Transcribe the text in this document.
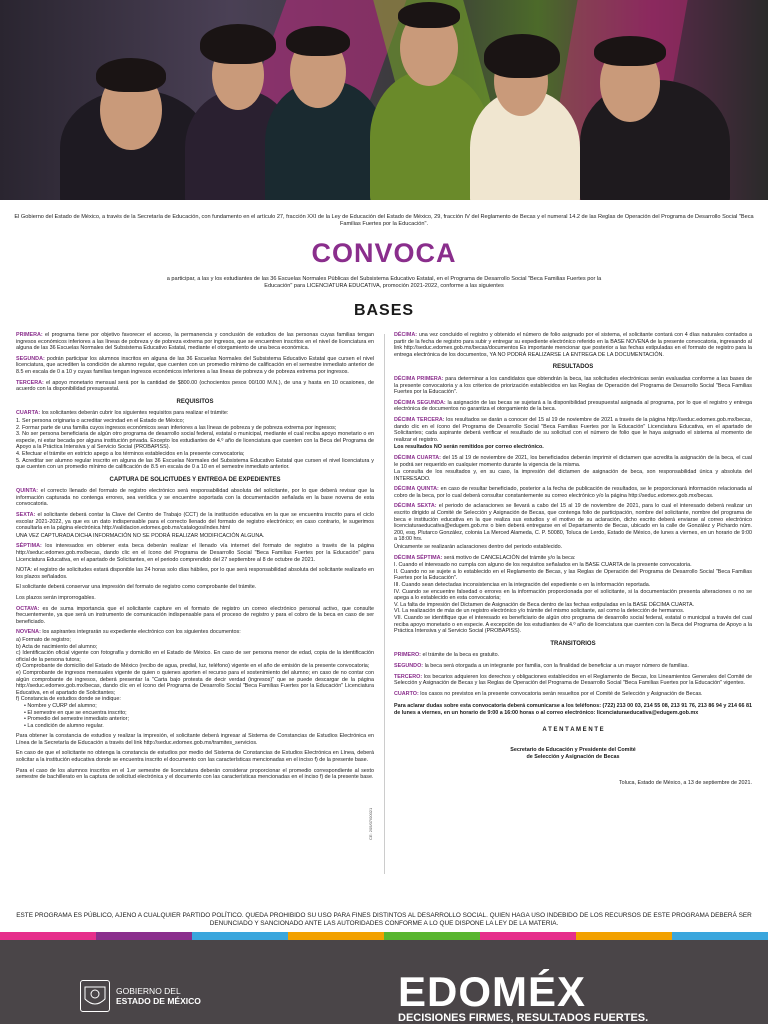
El Gobierno del Estado de México, a través de la Secretaría de Educación, con fundamento en el artículo 27, fracción XXI de la Ley de Educación del Estado de México, 29, fracción IV del Reglamento de Becas y el numeral 14.2 de las Reglas de Operación del Programa de Desarrollo Social "Beca Familias Fuertes por la Educación".
CONVOCA
a participar, a las y los estudiantes de las 36 Escuelas Normales Públicas del Subsistema Educativo Estatal, en el Programa de Desarrollo Social "Beca Familias Fuertes por la Educación" para LICENCIATURA EDUCATIVA, promoción 2021-2022, conforme a las siguientes
BASES

PRIMERA: el programa tiene por objetivo favorecer el acceso, la permanencia y conclusión de estudios de las personas cuyas familias tengan ingresos económicos inferiores a las líneas de pobreza y de pobreza extrema por ingresos, que se encuentren inscritos en el nivel de licenciatura en alguna de las 36 Escuelas Normales del Subsistema Educativo Estatal, mediante el otorgamiento de una beca económica.

SEGUNDA: podrán participar los alumnos inscritos en alguna de las 36 Escuelas Normales del Subsistema Educativo Estatal que cursen el nivel licenciatura, que acrediten la condición de alumno regular, que cuenten con un promedio mínimo de calificación en el semestre inmediato anterior de 8.5 en escala de 0 a 10 y cuyas familias tengan ingresos económicos inferiores a las líneas de pobreza y de pobreza extrema por ingresos.

TERCERA: el apoyo monetario mensual será por la cantidad de $800.00 (ochocientos pesos 00/100 M.N.), de una y hasta en 10 ocasiones, de acuerdo con la disponibilidad presupuestal.

REQUISITOS

CUARTA: los solicitantes deberán cubrir los siguientes requisitos para realizar el trámite:

1. Ser persona originaria o acreditar vecindad en el Estado de México;
2. Formar parte de una familia cuyos ingresos económicos sean inferiores a las líneas de pobreza y de pobreza extrema por ingresos;
3. No ser persona beneficiaria de algún otro programa de desarrollo social federal, estatal o municipal, mediante el cual reciba apoyo monetario o en especie, ni estar becada por alguna institución privada. Excepto los estudiantes de 4.º año de licenciatura que cuenten con la Beca del Programa de Apoyo a la Práctica Intensiva y al Servicio Social (PROBAPISS).
4. Efectuar el trámite en estricto apego a los términos establecidos en la presente convocatoria;
5. Acreditar ser alumno regular inscrito en alguna de las 36 Escuelas Normales del Subsistema Educativo Estatal que cursen el nivel licenciatura y que cuenten con un promedio mínimo de calificación de 8.5 en escala de 0 a 10 en el semestre inmediato anterior.
CAPTURA DE SOLICITUDES Y ENTREGA DE EXPEDIENTES

QUINTA: el correcto llenado del formato de registro electrónico será responsabilidad absoluta del solicitante, por lo que deberá revisar que la información capturada no contenga errores, sea verídica y se encuentre soportada con la documentación señalada en la base novena de esta convocatoria.

SEXTA: el solicitante deberá contar la Clave del Centro de Trabajo (CCT) de la institución educativa en la que se encuentra inscrito para el ciclo escolar 2021-2022, ya que es un dato indispensable para el correcto llenado del formato de registro electrónico; en caso contrario, le sugerimos consultarla en la página electrónica http://validacion.edomex.gob.mx/catalogos/index.html

UNA VEZ CAPTURADA DICHA INFORMACIÓN NO SE PODRÁ REALIZAR MODIFICACIÓN ALGUNA.

SÉPTIMA: los interesados en obtener esta beca deberán realizar el llenado vía internet del formato de registro a través de la página http://seduc.edomex.gob.mx/becas, dando clic en el ícono del Programa de Desarrollo Social "Beca Familias Fuertes por la Educación" para Licenciatura Educativa, en el apartado de Solicitantes, en el periodo comprendido del 27 septiembre al 8 de octubre de 2021.

NOTA: el registro de solicitudes estará disponible las 24 horas solo días hábiles, por lo que será responsabilidad absoluta del solicitante realizarlo en los plazos señalados.

El solicitante deberá conservar una impresión del formato de registro como comprobante del trámite.

Los plazos serán improrrogables.

OCTAVA: es de suma importancia que el solicitante capture en el formato de registro un correo electrónico personal activo, que consulte frecuentemente, ya que será un instrumento de comunicación indispensable para el proceso de registro y para el cobro de la beca en caso de ser beneficiado.

NOVENA: los aspirantes integrarán su expediente electrónico con los siguientes documentos:

a) Formato de registro;
b) Acta de nacimiento del alumno;
c) Identificación oficial vigente con fotografía y domicilio en el Estado de México. En caso de ser persona menor de edad, copia de la identificación oficial de la persona tutora;
d) Comprobante de domicilio del Estado de México (recibo de agua, predial, luz, teléfono) vigente en el año de emisión de la presente convocatoria;
e) Comprobante de ingresos mensuales vigente de quien o quienes aporten el recurso para el sostenimiento del alumno; en caso de no contar con algún comprobante de ingresos, deberá presentar la "Carta bajo protesta de decir verdad (ingresos)" que se puede descargar de la página http://seduc.edomex.gob.mx/becas, dando clic en el ícono del Programa de Desarrollo Social "Beca Familias Fuertes por la Educación" Licenciatura Educativa, en el apartado de Solicitantes;
f) Constancia de estudios donde se indique:
• Nombre y CURP del alumno;
• El semestre en que se encuentra inscrito;
• Promedio del semestre inmediato anterior;
• La condición de alumno regular.

Para obtener la constancia de estudios y realizar la impresión, el solicitante deberá ingresar al Sistema de Constancias de Estudios Electrónica en Línea de la Secretaría de Educación a través del link http://seduc.edomex.gob.mx/tramites_servicios.

En caso de que el solicitante no obtenga la constancia de estudios por medio del Sistema de Constancias de Estudios Electrónica en Línea, deberá solicitar a la institución educativa donde se encuentra inscrito el documento con las características mencionadas en el inciso f) de la presente base.

Para el caso de los alumnos inscritos en el 1.er semestre de licenciatura deberán considerar proporcionar el promedio correspondiente al sexto semestre de bachillerato en la captura de solicitud electrónica y el documento con las características mencionadas en el inciso f) de la presente base.

CE: 205/07/00021

DÉCIMA: una vez concluido el registro y obtenido el número de folio asignado por el sistema, el solicitante contará con 4 días naturales contados a partir de la fecha de registro para subir y entregar su expediente electrónico referido en la BASE NOVENA de la presente convocatoria, ingresando al link http://seduc.edomex.gob.mx/becas/documentos Es importante mencionar que posterior a las fechas estipuladas en el formato de registro para la entrega electrónica de los documentos, YA NO PODRÁ REALIZARSE LA ENTREGA DE LA DOCUMENTACIÓN.

RESULTADOS

DÉCIMA PRIMERA: para determinar a los candidatos que obtendrán la beca, las solicitudes electrónicas serán evaluadas conforme a las bases de la presente convocatoria y a los criterios de priorización establecidos en las Reglas de Operación del Programa de Desarrollo Social "Beca Familias Fuertes por la Educación".

DÉCIMA SEGUNDA: la asignación de las becas se sujetará a la disponibilidad presupuestal asignada al programa, por lo que el registro y entrega electrónica de documentos no garantiza el otorgamiento de la beca.

DÉCIMA TERCERA: los resultados se darán a conocer del 15 al 19 de noviembre de 2021 a través de la página http://seduc.edomex.gob.mx/becas, dando clic en el ícono del Programa de Desarrollo Social "Beca Familias Fuertes por la Educación" Licenciatura Educativa, en el apartado de Solicitantes; cada aspirante deberá verificar el resultado de su solicitud con el número de folio que le haya asignado el sistema al momento de realizar el registro.

Los resultados NO serán remitidos por correo electrónico.

DÉCIMA CUARTA: del 15 al 19 de noviembre de 2021, los beneficiados deberán imprimir el dictamen que acredita la asignación de la beca, el cual le podrá ser requerido en cualquier momento durante la vigencia de la misma.

La consulta de los resultados y, en su caso, la impresión del dictamen de asignación de beca, son responsabilidad única y absoluta del INTERESADO.

DÉCIMA QUINTA: en caso de resultar beneficiado, posterior a la fecha de publicación de resultados, se le proporcionará información relacionada al cobro de la beca, por lo cual deberá consultar constantemente su correo electrónico y/o la página http://seduc.edomex.gob.mx/becas.

DÉCIMA SEXTA: el periodo de aclaraciones se llevará a cabo del 15 al 19 de noviembre de 2021, para lo cual el interesado deberá realizar un escrito dirigido al Comité de Selección y Asignación de Becas, que contenga folio de participación, nombre del solicitante, nombre del programa de beca e institución educativa en la que realiza sus estudios y el motivo de su aclaración, dicho escrito deberá enviarse al correo electrónico licenciaturaeducativa@edugem.gob.mx o bien deberá entregarse en el Departamento de Becas, ubicado en la calle de González y Pichardo núm. 200, esq. Plutarco González, colonia La Merced Alameda, C. P. 50080, Toluca de Lerdo, Estado de México, de lunes a viernes, en un horario de 9:00 a 18:00 hrs.

Únicamente se realizarán aclaraciones dentro del periodo establecido.

DÉCIMA SÉPTIMA: será motivo de CANCELACIÓN del trámite y/o la beca:

I. Cuando el interesado no cumpla con alguno de los requisitos señalados en la BASE CUARTA de la presente convocatoria.
II. Cuando no se sujete a lo establecido en el Reglamento de Becas, y las Reglas de Operación del Programa de Desarrollo Social "Beca Familias Fuertes por la Educación".
III. Cuando sean detectadas inconsistencias en la integración del expediente o en la información reportada.
IV. Cuando se encuentre falsedad o errores en la información proporcionada por el solicitante, si la documentación presenta alteraciones o no se apega a lo establecido en esta convocatoria;
V. La falta de impresión del Dictamen de Asignación de Beca dentro de las fechas estipuladas en la BASE DÉCIMA CUARTA.
VI. La realización de más de un registro electrónico y/o trámite del mismo solicitante, así como la detección de hermanos.
VII. Cuando se identifique que el interesado es beneficiario de algún otro programa de desarrollo social federal, estatal o municipal a través del cual reciba apoyo monetario o en especie. A excepción de los estudiantes de 4.º año de licenciatura que cuenten con la Beca del Programa de Apoyo a la Práctica Intensiva y al Servicio Social (PROBAPISS).
TRANSITORIOS

PRIMERO: el trámite de la beca es gratuito.

SEGUNDO: la beca será otorgada a un integrante por familia, con la finalidad de beneficiar a un mayor número de familias.

TERCERO: los becarios adquieren los derechos y obligaciones establecidos en el Reglamento de Becas, los Lineamientos Generales del Comité de Selección y Asignación de Becas y las Reglas de Operación del Programa de Desarrollo Social "Beca Familias Fuertes por la Educación" vigentes.

CUARTO: los casos no previstos en la presente convocatoria serán resueltos por el Comité de Selección y Asignación de Becas.

Para aclarar dudas sobre esta convocatoria deberá comunicarse a los teléfonos: (722) 213 00 03, 214 55 08, 213 91 76, 213 86 94 y 214 66 81 de lunes a viernes, en un horario de 9:00 a 16:00 horas o al correo electrónico: licenciaturaeducativa@edugem.gob.mx

A T E N T A M E N T E
Secretario de Educación y Presidente del Comité
de Selección y Asignación de Becas
Toluca, Estado de México, a 13 de septiembre de 2021.
ESTE PROGRAMA ES PÚBLICO, AJENO A CUALQUIER PARTIDO POLÍTICO. QUEDA PROHIBIDO SU USO PARA FINES DISTINTOS AL DESARROLLO SOCIAL. QUIEN HAGA USO INDEBIDO DE LOS RECURSOS DE ESTE PROGRAMA DEBERÁ SER DENUNCIADO Y SANCIONADO ANTE LAS AUTORIDADES CONFORME A LO QUE DISPONE LA LEY DE LA MATERIA.
GOBIERNO DEL
ESTADO DE MÉXICO	EDOMÉX
DECISIONES FIRMES, RESULTADOS FUERTES.
